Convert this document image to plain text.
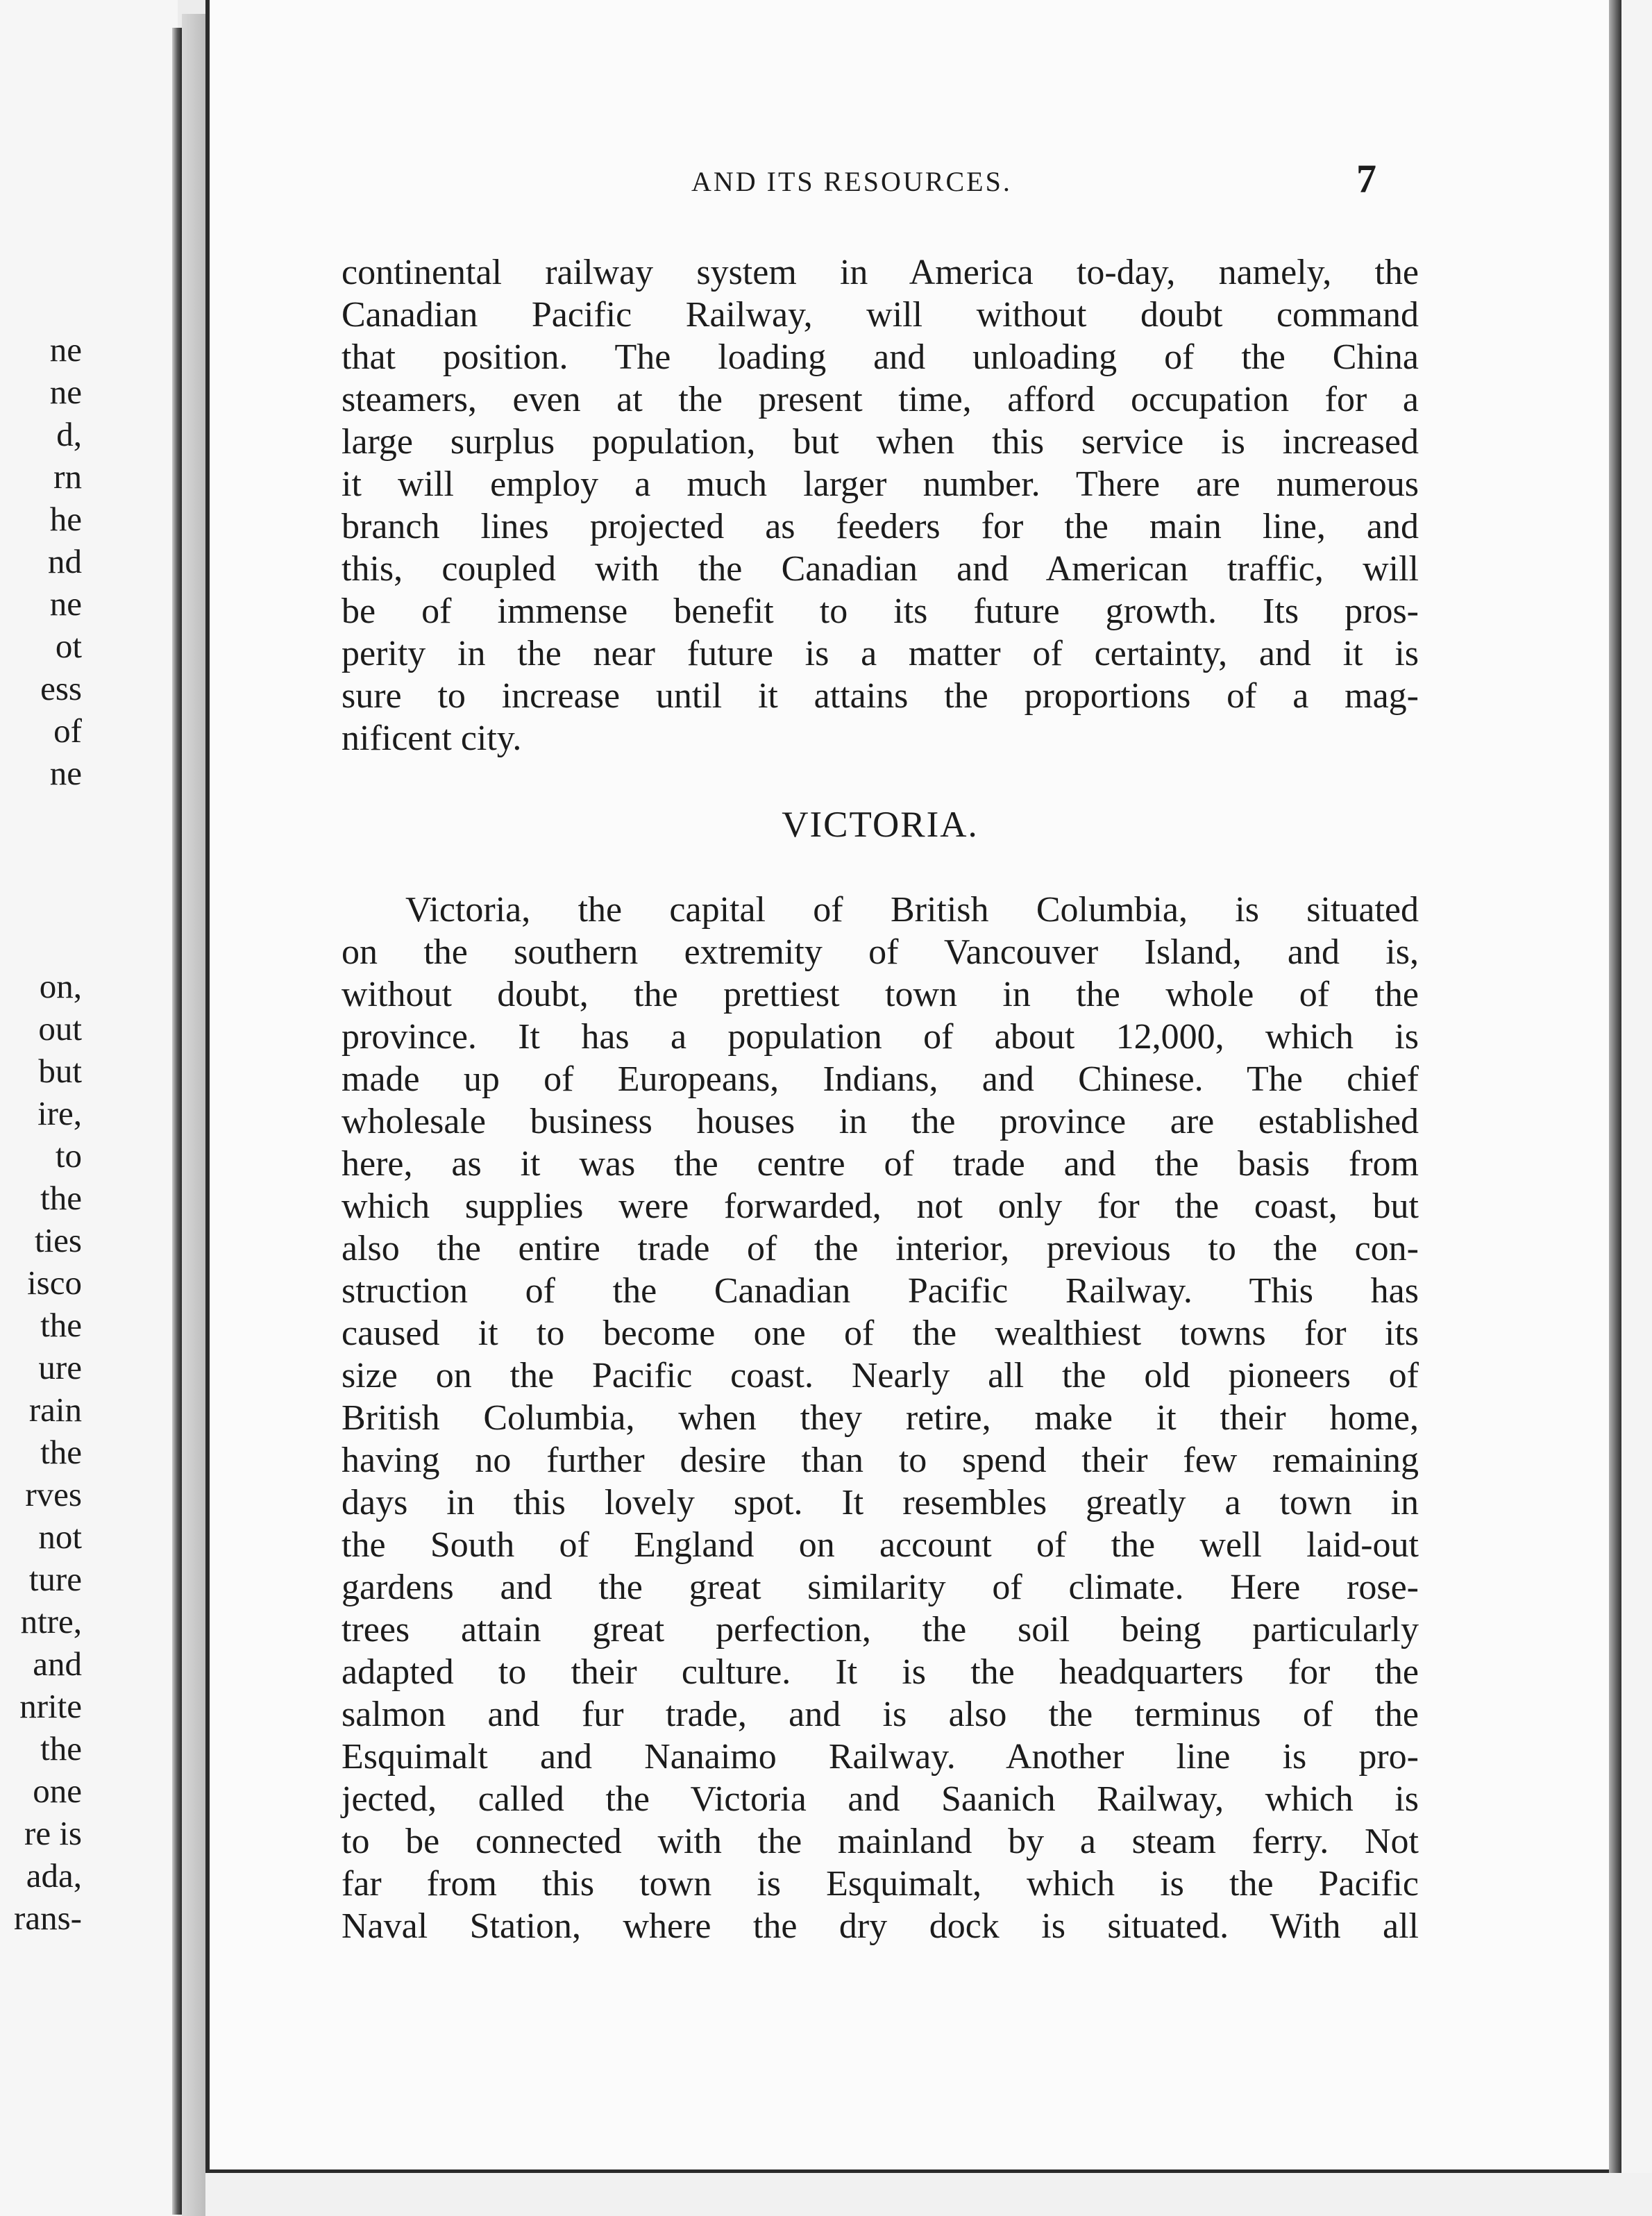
ne
ne
d,
rn
he
nd
ne
ot
ess
of
ne
on,
out
but
ire,
to
the
ties
isco
the
ure
rain
the
rves
not
ture
ntre,
and
nrite
the
one
re is
ada,
rans-
AND ITS RESOURCES.	7
continental railway system in America to-day, namely, the
Canadian Pacific Railway, will without doubt command
that position. The loading and unloading of the China
steamers, even at the present time, afford occupation for a
large surplus population, but when this service is increased
it will employ a much larger number. There are numerous
branch lines projected as feeders for the main line, and
this, coupled with the Canadian and American traffic, will
be of immense benefit to its future growth. Its pros-
perity in the near future is a matter of certainty, and it is
sure to increase until it attains the proportions of a mag-
nificent city.
VICTORIA.
Victoria, the capital of British Columbia, is situated
on the southern extremity of Vancouver Island, and is,
without doubt, the prettiest town in the whole of the
province. It has a population of about 12,000, which is
made up of Europeans, Indians, and Chinese. The chief
wholesale business houses in the province are established
here, as it was the centre of trade and the basis from
which supplies were forwarded, not only for the coast, but
also the entire trade of the interior, previous to the con-
struction of the Canadian Pacific Railway. This has
caused it to become one of the wealthiest towns for its
size on the Pacific coast. Nearly all the old pioneers of
British Columbia, when they retire, make it their home,
having no further desire than to spend their few remaining
days in this lovely spot. It resembles greatly a town in
the South of England on account of the well laid-out
gardens and the great similarity of climate. Here rose-
trees attain great perfection, the soil being particularly
adapted to their culture. It is the headquarters for the
salmon and fur trade, and is also the terminus of the
Esquimalt and Nanaimo Railway. Another line is pro-
jected, called the Victoria and Saanich Railway, which is
to be connected with the mainland by a steam ferry. Not
far from this town is Esquimalt, which is the Pacific
Naval Station, where the dry dock is situated. With all
